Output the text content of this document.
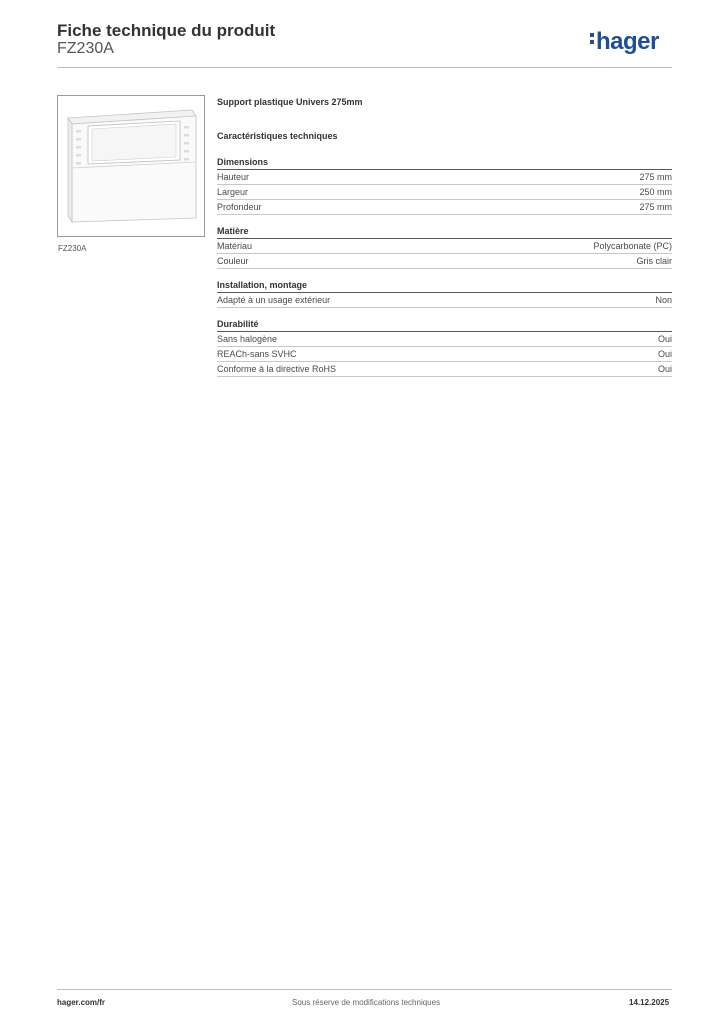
Fiche technique du produit
FZ230A	hager
FZ230A
Support plastique Univers 275mm
Caractéristiques techniques
Dimensions
Hauteur	275 mm
Largeur	250 mm
Profondeur	275 mm
Matière
Matériau	Polycarbonate (PC)
Couleur	Gris clair
Installation, montage
Adapté à un usage extérieur	Non
Durabilité
Sans halogène	Oui
REACh-sans SVHC	Oui
Conforme à la directive RoHS	Oui
hager.com/fr	Sous réserve de modifications techniques	14.12.2025
